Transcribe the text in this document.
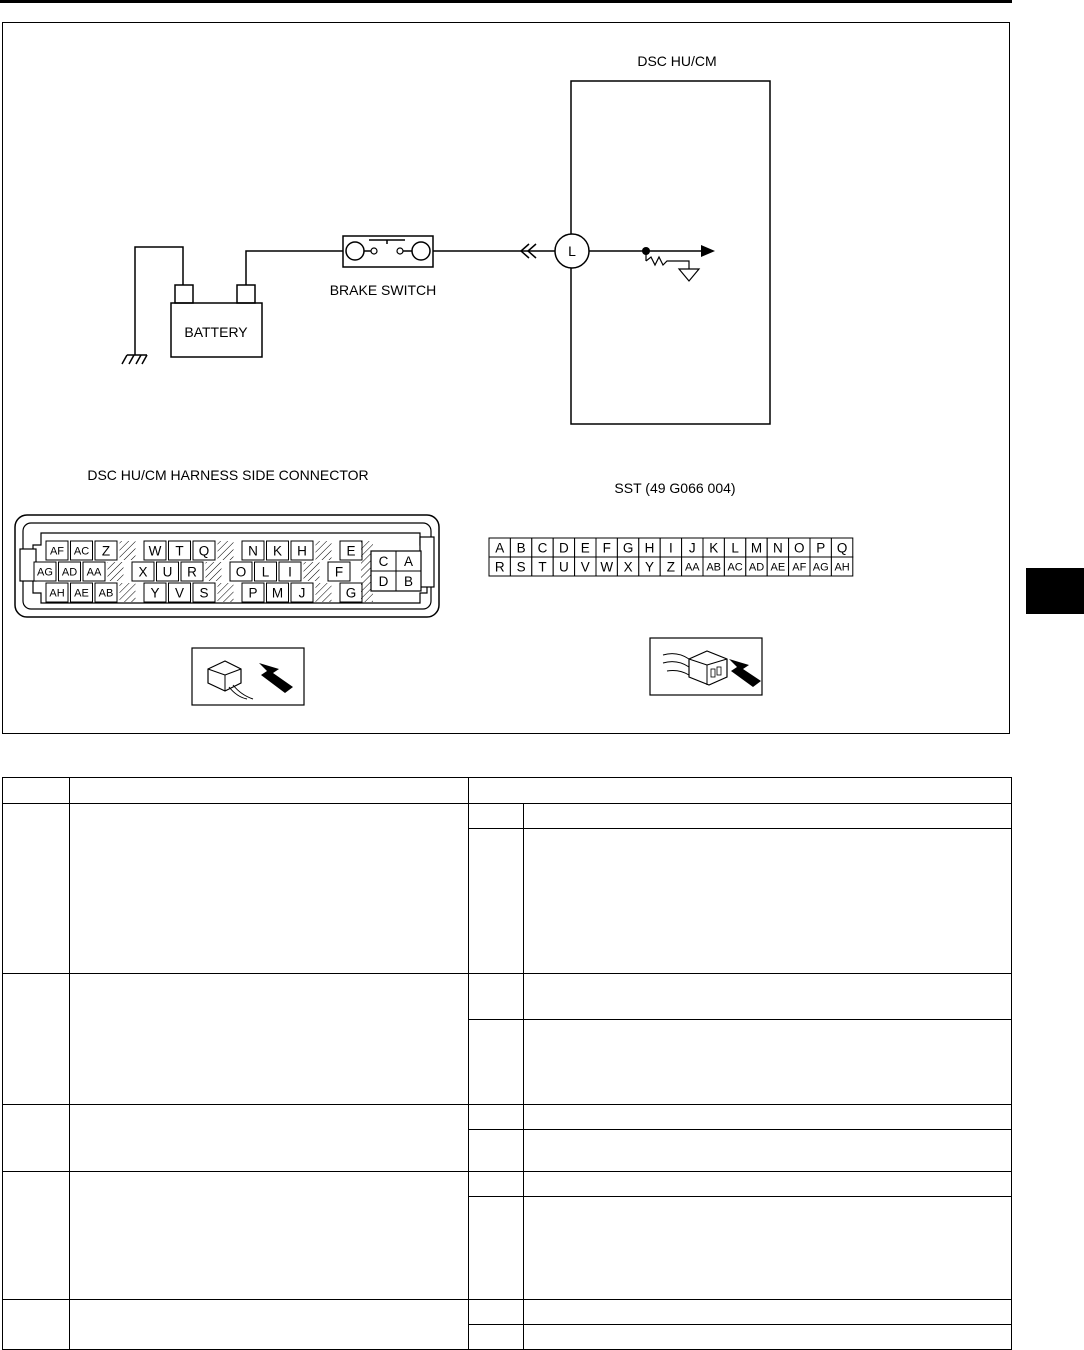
DSC HU/CM
BATTERY
BRAKE SWITCH
L
DSC HU/CM HARNESS SIDE CONNECTOR
AF AC Z	W T Q	N K H	E
AG AD AA	X U R	O L I	F
AH AE AB	Y V S	P M J	G
C A
D B
SST (49 G066 004)
A B C D E F G H I J K L M N O P Q
R S T U V W X Y Z AA AB AC AD AE AF AG AH
